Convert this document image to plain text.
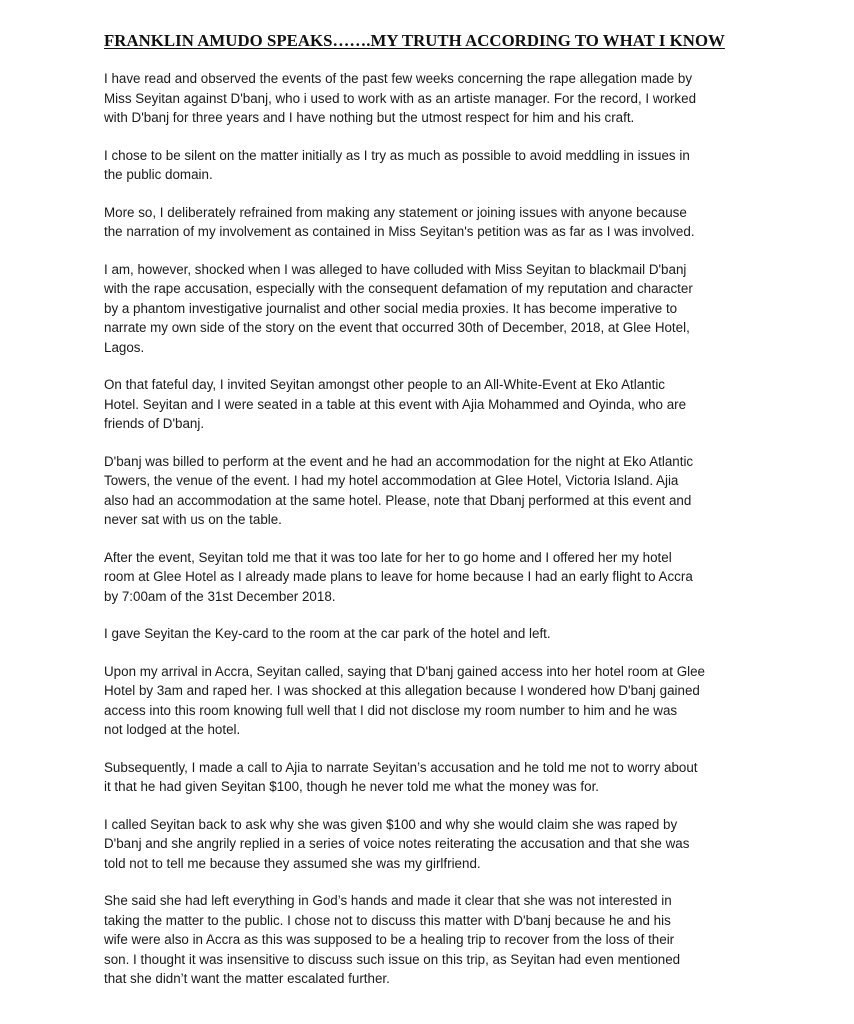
FRANKLIN AMUDO SPEAKS…….MY TRUTH ACCORDING TO WHAT I KNOW

I have read and observed the events of the past few weeks concerning the rape allegation made by
Miss Seyitan against D'banj, who i used to work with as an artiste manager. For the record, I worked
with D'banj for three years and I have nothing but the utmost respect for him and his craft.

I chose to be silent on the matter initially as I try as much as possible to avoid meddling in issues in
the public domain.

More so, I deliberately refrained from making any statement or joining issues with anyone because
the narration of my involvement as contained in Miss Seyitan's petition was as far as I was involved.

I am, however, shocked when I was alleged to have colluded with Miss Seyitan to blackmail D'banj
with the rape accusation, especially with the consequent defamation of my reputation and character
by a phantom investigative journalist and other social media proxies. It has become imperative to
narrate my own side of the story on the event that occurred 30th of December, 2018, at Glee Hotel,
Lagos.

On that fateful day, I invited Seyitan amongst other people to an All-White-Event at Eko Atlantic
Hotel. Seyitan and I were seated in a table at this event with Ajia Mohammed and Oyinda, who are
friends of D'banj.

D'banj was billed to perform at the event and he had an accommodation for the night at Eko Atlantic
Towers, the venue of the event. I had my hotel accommodation at Glee Hotel, Victoria Island. Ajia
also had an accommodation at the same hotel. Please, note that Dbanj performed at this event and
never sat with us on the table.

After the event, Seyitan told me that it was too late for her to go home and I offered her my hotel
room at Glee Hotel as I already made plans to leave for home because I had an early flight to Accra
by 7:00am of the 31st December 2018.

I gave Seyitan the Key-card to the room at the car park of the hotel and left.

Upon my arrival in Accra, Seyitan called, saying that D'banj gained access into her hotel room at Glee
Hotel by 3am and raped her. I was shocked at this allegation because I wondered how D'banj gained
access into this room knowing full well that I did not disclose my room number to him and he was
not lodged at the hotel.

Subsequently, I made a call to Ajia to narrate Seyitan’s accusation and he told me not to worry about
it that he had given Seyitan $100, though he never told me what the money was for.

I called Seyitan back to ask why she was given $100 and why she would claim she was raped by
D'banj and she angrily replied in a series of voice notes reiterating the accusation and that she was
told not to tell me because they assumed she was my girlfriend.

She said she had left everything in God’s hands and made it clear that she was not interested in
taking the matter to the public. I chose not to discuss this matter with D'banj because he and his
wife were also in Accra as this was supposed to be a healing trip to recover from the loss of their
son. I thought it was insensitive to discuss such issue on this trip, as Seyitan had even mentioned
that she didn’t want the matter escalated further.
